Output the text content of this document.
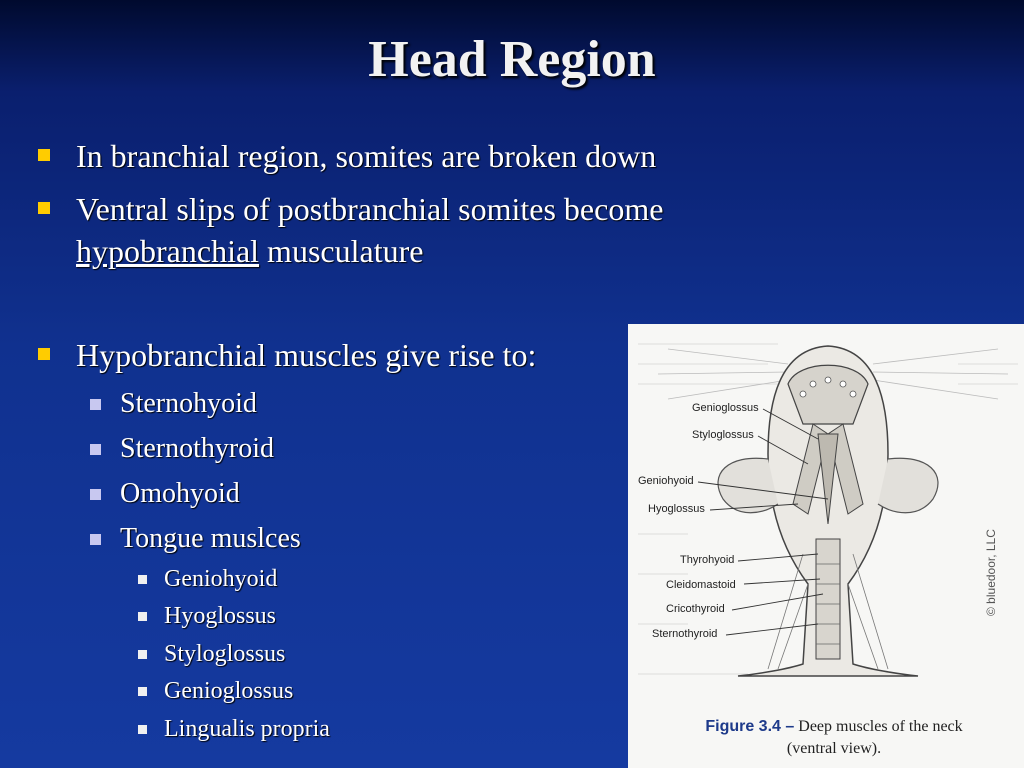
Head Region
In branchial region, somites are broken down
Ventral slips of postbranchial somites become
hypobranchial musculature
Hypobranchial muscles give rise to:
Sternohyoid
Sternothyroid
Omohyoid
Tongue muslces
Geniohyoid
Hyoglossus
Styloglossus
Genioglossus
Lingualis propria
Genioglossus
Styloglossus
Geniohyoid
Hyoglossus
Thyrohyoid
Cleidomastoid
Cricothyroid
Sternothyroid
© bluedoor, LLC
Figure 3.4 – Deep muscles of the neck
(ventral view).
